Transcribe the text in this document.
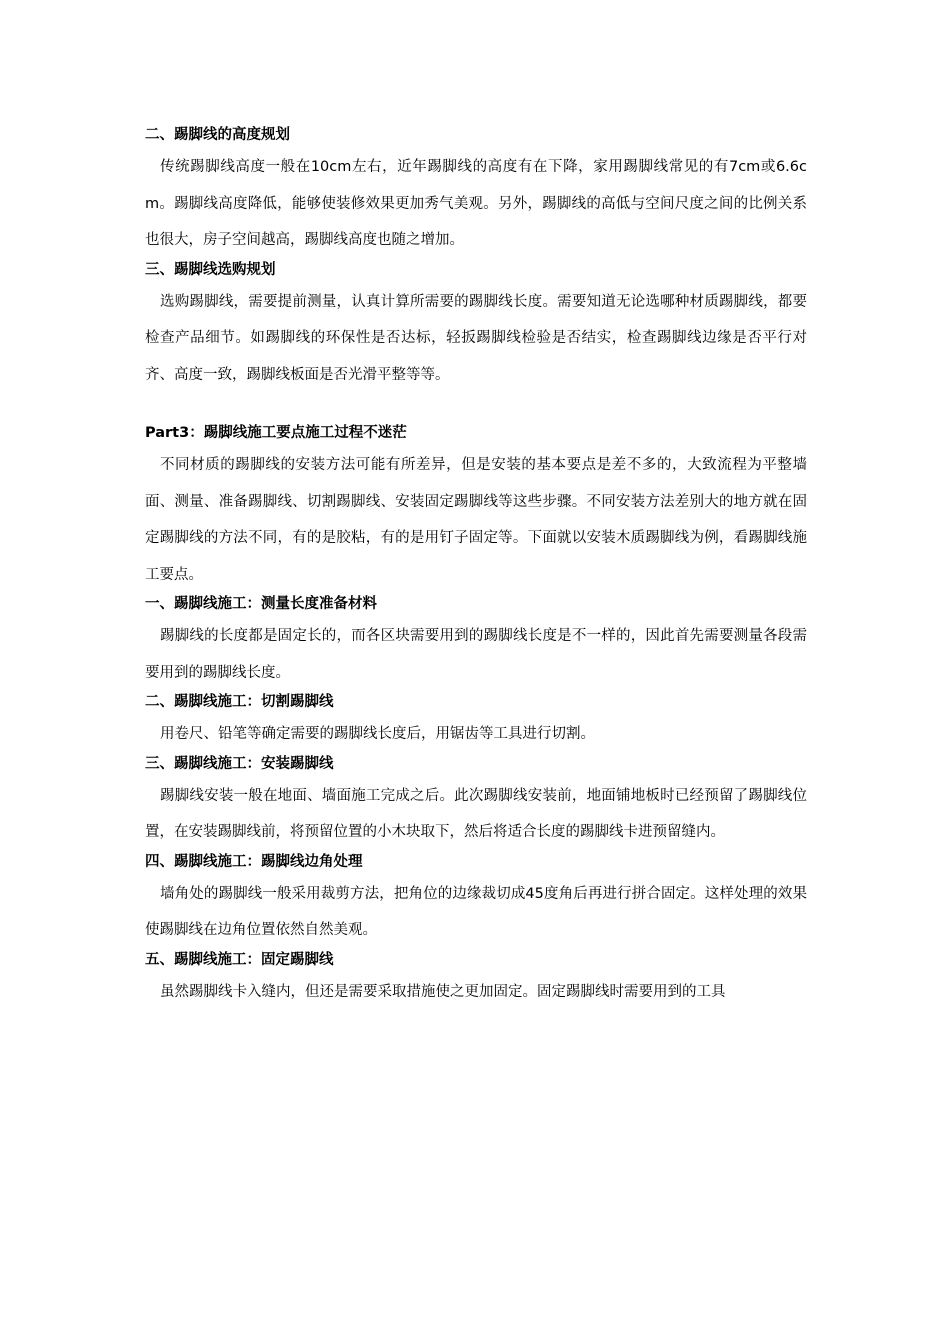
二、踢脚线的高度规划

传统踢脚线高度一般在10cm左右，近年踢脚线的高度有在下降，家用踢脚线常见的有7cm或6.6cm。踢脚线高度降低，能够使装修效果更加秀气美观。另外，踢脚线的高低与空间尺度之间的比例关系也很大，房子空间越高，踢脚线高度也随之增加。

三、踢脚线选购规划

选购踢脚线，需要提前测量，认真计算所需要的踢脚线长度。需要知道无论选哪种材质踢脚线，都要检查产品细节。如踢脚线的环保性是否达标，轻扳踢脚线检验是否结实，检查踢脚线边缘是否平行对齐、高度一致，踢脚线板面是否光滑平整等等。

Part3：踢脚线施工要点施工过程不迷茫

不同材质的踢脚线的安装方法可能有所差异，但是安装的基本要点是差不多的，大致流程为平整墙面、测量、准备踢脚线、切割踢脚线、安装固定踢脚线等这些步骤。不同安装方法差别大的地方就在固定踢脚线的方法不同，有的是胶粘，有的是用钉子固定等。下面就以安装木质踢脚线为例，看踢脚线施工要点。

一、踢脚线施工：测量长度准备材料

踢脚线的长度都是固定长的，而各区块需要用到的踢脚线长度是不一样的，因此首先需要测量各段需要用到的踢脚线长度。

二、踢脚线施工：切割踢脚线

用卷尺、铅笔等确定需要的踢脚线长度后，用锯齿等工具进行切割。

三、踢脚线施工：安装踢脚线

踢脚线安装一般在地面、墙面施工完成之后。此次踢脚线安装前，地面铺地板时已经预留了踢脚线位置，在安装踢脚线前，将预留位置的小木块取下，然后将适合长度的踢脚线卡进预留缝内。

四、踢脚线施工：踢脚线边角处理

墙角处的踢脚线一般采用裁剪方法，把角位的边缘裁切成45度角后再进行拼合固定。这样处理的效果使踢脚线在边角位置依然自然美观。

五、踢脚线施工：固定踢脚线

虽然踢脚线卡入缝内，但还是需要采取措施使之更加固定。固定踢脚线时需要用到的工具
